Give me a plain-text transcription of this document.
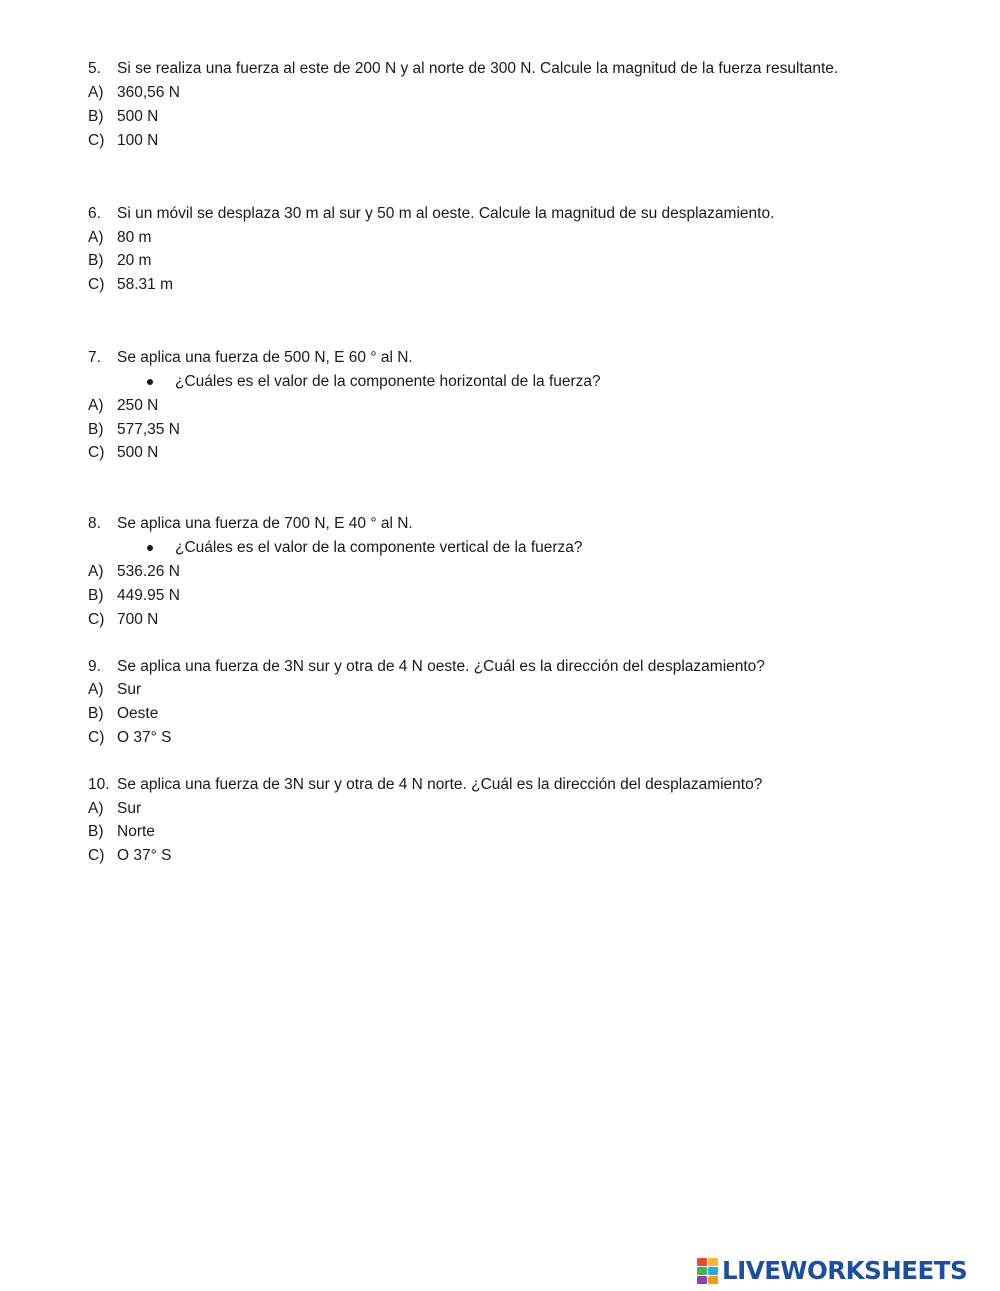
5. Si se realiza una fuerza al este de 200 N y al norte de 300 N. Calcule la magnitud de la fuerza resultante.
A) 360,56 N
B) 500 N
C) 100 N
6. Si un móvil se desplaza 30 m al sur y 50 m al oeste. Calcule la magnitud de su desplazamiento.
A) 80 m
B) 20 m
C) 58.31 m
7. Se aplica una fuerza de 500 N, E 60 ° al N.
¿Cuáles es el valor de la componente horizontal de la fuerza?
A) 250 N
B) 577,35 N
C) 500 N
8. Se aplica una fuerza de 700 N, E 40 ° al N.
¿Cuáles es el valor de la componente vertical de la fuerza?
A) 536.26 N
B) 449.95 N
C) 700 N
9. Se aplica una fuerza de 3N sur y otra de 4 N oeste. ¿Cuál es la dirección del desplazamiento?
A) Sur
B) Oeste
C) O 37° S
10. Se aplica una fuerza de 3N sur y otra de 4 N norte. ¿Cuál es la dirección del desplazamiento?
A) Sur
B) Norte
C) O 37° S
LIVEWORKSHEETS
